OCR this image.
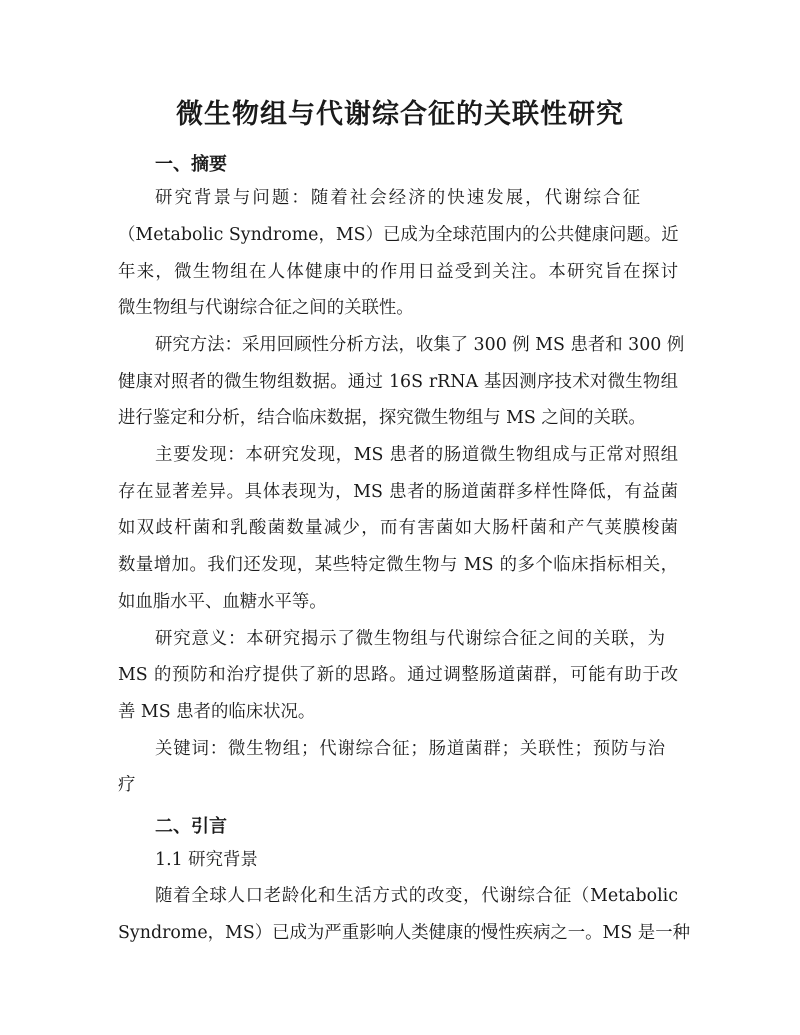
微生物组与代谢综合征的关联性研究
一、摘要
研究背景与问题：随着社会经济的快速发展，代谢综合征
（Metabolic Syndrome，MS）已成为全球范围内的公共健康问题。近
年来，微生物组在人体健康中的作用日益受到关注。本研究旨在探讨
微生物组与代谢综合征之间的关联性。
研究方法：采用回顾性分析方法，收集了 300 例 MS 患者和 300 例
健康对照者的微生物组数据。通过 16S rRNA 基因测序技术对微生物组
进行鉴定和分析，结合临床数据，探究微生物组与 MS 之间的关联。
主要发现：本研究发现，MS 患者的肠道微生物组成与正常对照组
存在显著差异。具体表现为，MS 患者的肠道菌群多样性降低，有益菌
如双歧杆菌和乳酸菌数量减少，而有害菌如大肠杆菌和产气荚膜梭菌
数量增加。我们还发现，某些特定微生物与 MS 的多个临床指标相关，
如血脂水平、血糖水平等。
研究意义：本研究揭示了微生物组与代谢综合征之间的关联，为
MS 的预防和治疗提供了新的思路。通过调整肠道菌群，可能有助于改
善 MS 患者的临床状况。
关键词：微生物组；代谢综合征；肠道菌群；关联性；预防与治
疗
二、引言
1.1 研究背景
随着全球人口老龄化和生活方式的改变，代谢综合征（Metabolic
Syndrome，MS）已成为严重影响人类健康的慢性疾病之一。MS 是一种
